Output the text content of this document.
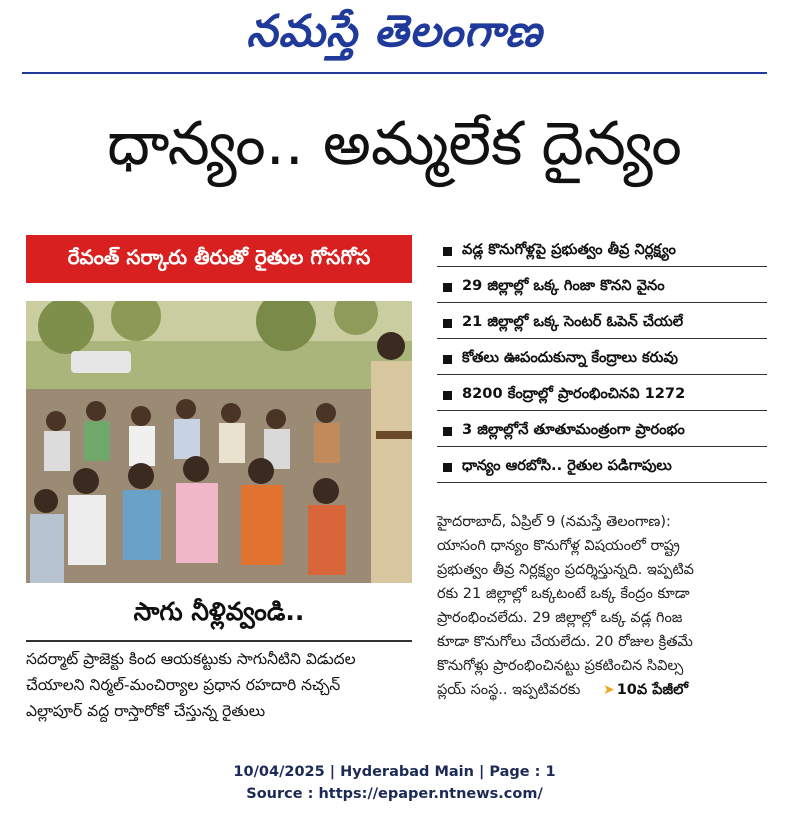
నమస్తే తెలంగాణ
ధాన్యం.. అమ్మలేక దైన్యం
రేవంత్ సర్కారు తీరుతో రైతుల గోసగోస
సాగు నీళ్లివ్వండి..
సదర్మాట్ ప్రాజెక్టు కింద ఆయకట్టుకు సాగునీటిని విడుదల
చేయాలని నిర్మల్-మంచిర్యాల ప్రధాన రహదారి నచ్చన్
ఎల్లాపూర్ వద్ద రాస్తారోకో చేస్తున్న రైతులు
వడ్ల కొనుగోళ్లపై ప్రభుత్వం తీవ్ర నిర్లక్ష్యం
29 జిల్లాల్లో ఒక్క గింజా కొనని వైనం
21 జిల్లాల్లో ఒక్క సెంటర్ ఓపెన్ చేయలే
కోతలు ఊపందుకున్నా కేంద్రాలు కరువు
8200 కేంద్రాల్లో ప్రారంభించినవి 1272
3 జిల్లాల్లోనే తూతూమంత్రంగా ప్రారంభం
ధాన్యం ఆరబోసి.. రైతుల పడిగాపులు
హైదరాబాద్, ఏప్రిల్ 9 (నమస్తే తెలంగాణ):
యాసంగి ధాన్యం కొనుగోళ్ల విషయంలో రాష్ట్ర
ప్రభుత్వం తీవ్ర నిర్లక్ష్యం ప్రదర్శిస్తున్నది. ఇప్పటివ
రకు 21 జిల్లాల్లో ఒక్కటంటే ఒక్క కేంద్రం కూడా
ప్రారంభించలేదు. 29 జిల్లాల్లో ఒక్క వడ్ల గింజ
కూడా కొనుగోలు చేయలేదు. 20 రోజుల క్రితమే
కొనుగోళ్లు ప్రారంభించినట్టు ప్రకటించిన సివిల్స
ప్లయ్ సంస్థ.. ఇప్పటివరకు ➤ 10వ పేజీలో
10/04/2025 | Hyderabad Main | Page : 1
Source : https://epaper.ntnews.com/
